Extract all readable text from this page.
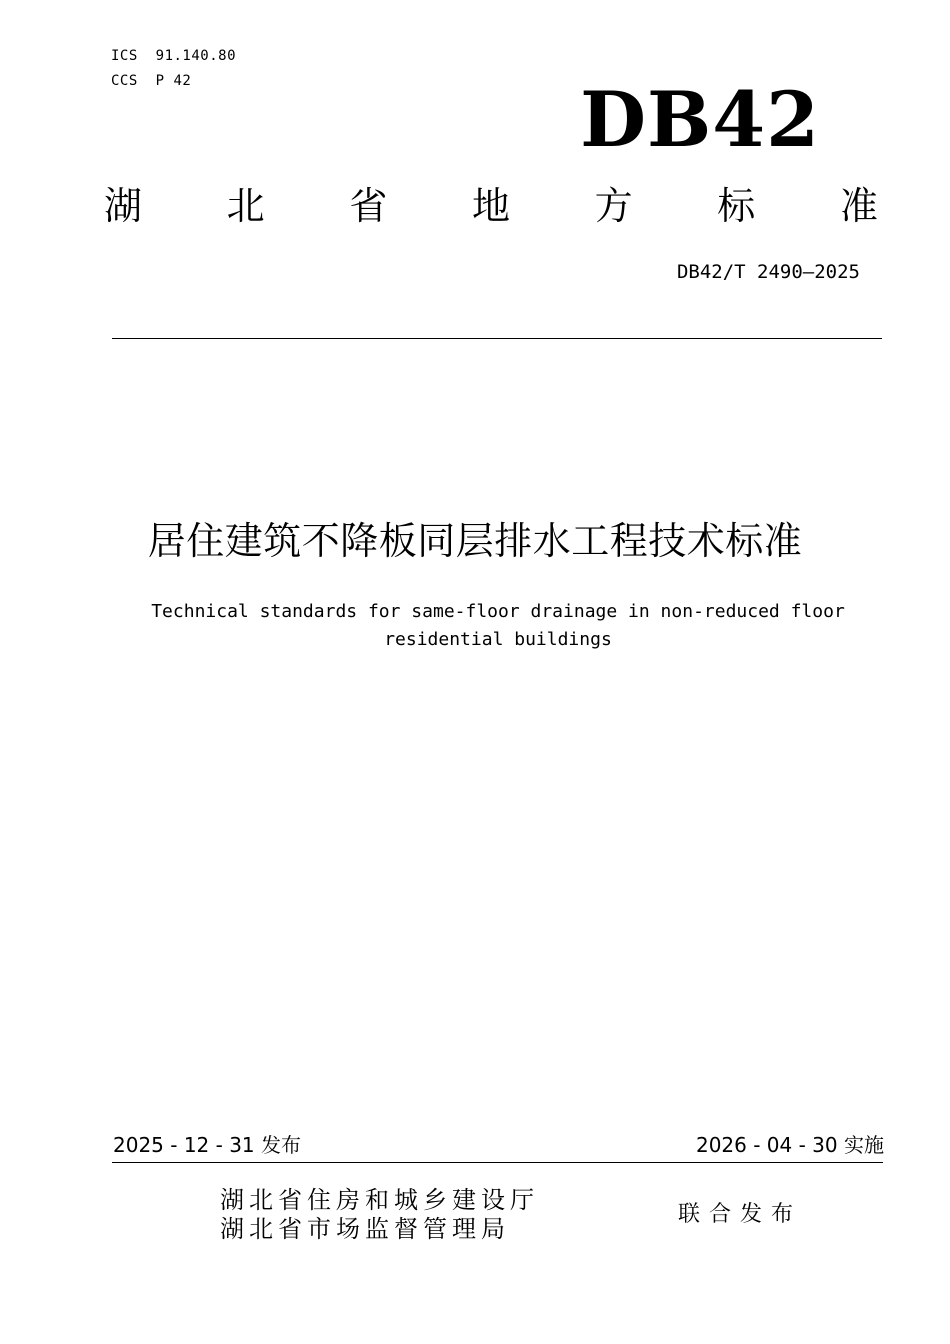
ICS  91.140.80
CCS  P 42	DB42
湖 北 省 地 方 标 准
DB42/T 2490—2025
居住建筑不降板同层排水工程技术标准
Technical standards for same-floor drainage in non-reduced floor residential buildings
2025 - 12 - 31 发布	2026 - 04 - 30 实施
湖北省住房和城乡建设厅
湖北省市场监督管理局
联合发布
